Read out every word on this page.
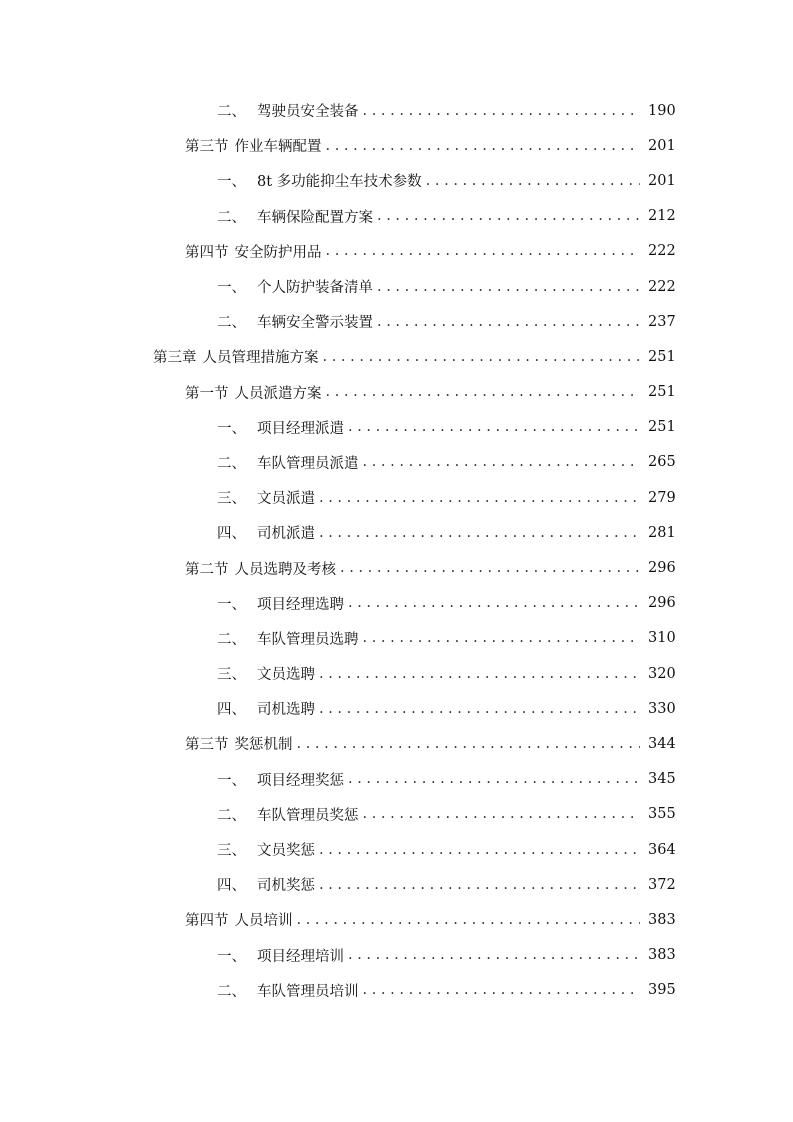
二、 驾驶员安全装备 . . .	190
第三节 作业车辆配置 . . .	201
一、 8t 多功能抑尘车技术参数 . . .	201
二、 车辆保险配置方案 . . .	212
第四节 安全防护用品 . . .	222
一、 个人防护装备清单 . . .	222
二、 车辆安全警示装置 . . .	237
第三章 人员管理措施方案 . . .	251
第一节 人员派遣方案 . . .	251
一、 项目经理派遣 . . .	251
二、 车队管理员派遣 . . .	265
三、 文员派遣 . . .	279
四、 司机派遣 . . .	281
第二节 人员选聘及考核 . . .	296
一、 项目经理选聘 . . .	296
二、 车队管理员选聘 . . .	310
三、 文员选聘 . . .	320
四、 司机选聘 . . .	330
第三节 奖惩机制 . . .	344
一、 项目经理奖惩 . . .	345
二、 车队管理员奖惩 . . .	355
三、 文员奖惩 . . .	364
四、 司机奖惩 . . .	372
第四节 人员培训 . . .	383
一、 项目经理培训 . . .	383
二、 车队管理员培训 . . .	395
